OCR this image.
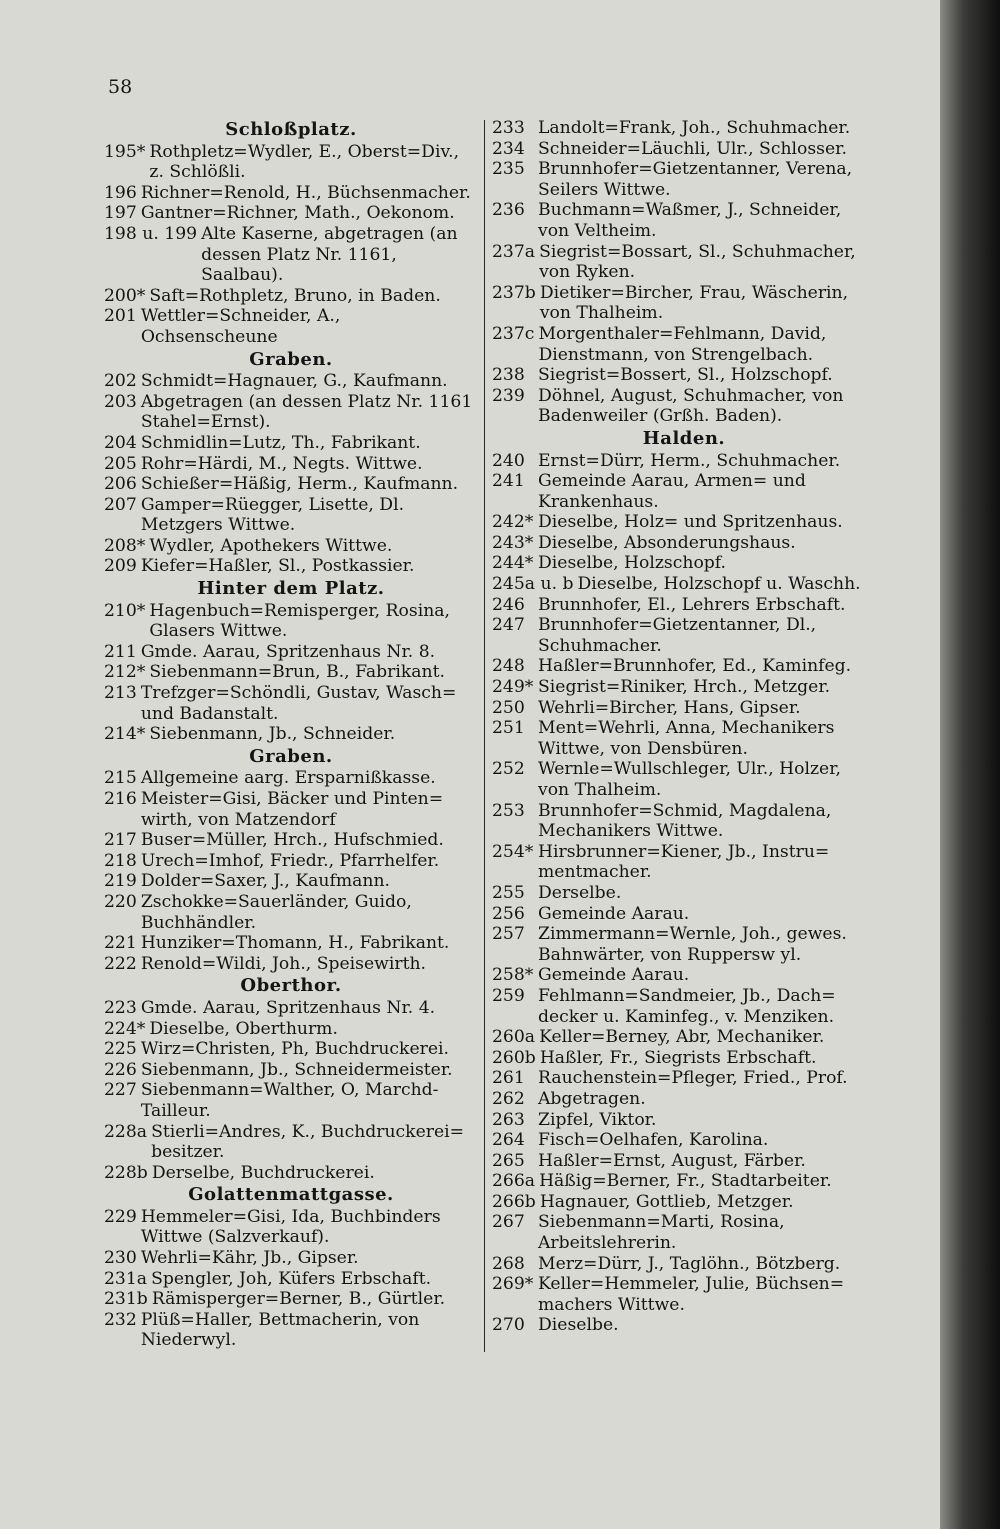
58
Schloßplatz.
195* Rothpletz=Wydler, E., Oberst=Div., z. Schlößli.
196 Richner=Renold, H., Büchsenmacher.
197 Gantner=Richner, Math., Oekonom.
198 u. 199 Alte Kaserne, abgetragen (an dessen Platz Nr. 1161, Saalbau).
200* Saft=Rothpletz, Bruno, in Baden.
201 Wettler=Schneider, A., Ochsenscheune
Graben.
202 Schmidt=Hagnauer, G., Kaufmann.
203 Abgetragen (an dessen Platz Nr. 1161 Stahel=Ernst).
204 Schmidlin=Lutz, Th., Fabrikant.
205 Rohr=Härdi, M., Negts. Wittwe.
206 Schießer=Häßig, Herm., Kaufmann.
207 Gamper=Rüegger, Lisette, Dl. Metzgers Wittwe.
208* Wydler, Apothekers Wittwe.
209 Kiefer=Haßler, Sl., Postkassier.
Hinter dem Platz.
210* Hagenbuch=Remisperger, Rosina, Glasers Wittwe.
211 Gmde. Aarau, Spritzenhaus Nr. 8.
212* Siebenmann=Brun, B., Fabrikant.
213 Trefzger=Schöndli, Gustav, Wasch= und Badanstalt.
214* Siebenmann, Jb., Schneider.
Graben.
215 Allgemeine aarg. Ersparnißkasse.
216 Meister=Gisi, Bäcker und Pinten= wirth, von Matzendorf
217 Buser=Müller, Hrch., Hufschmied.
218 Urech=Imhof, Friedr., Pfarrhelfer.
219 Dolder=Saxer, J., Kaufmann.
220 Zschokke=Sauerländer, Guido, Buchhändler.
221 Hunziker=Thomann, H., Fabrikant.
222 Renold=Wildi, Joh., Speisewirth.
Oberthor.
223 Gmde. Aarau, Spritzenhaus Nr. 4.
224* Dieselbe, Oberthurm.
225 Wirz=Christen, Ph, Buchdruckerei.
226 Siebenmann, Jb., Schneidermeister.
227 Siebenmann=Walther, O, Marchd-Tailleur.
228a Stierli=Andres, K., Buchdruckerei= besitzer.
228b Derselbe, Buchdruckerei.
Golattenmattgasse.
229 Hemmeler=Gisi, Ida, Buchbinders Wittwe (Salzverkauf).
230 Wehrli=Kähr, Jb., Gipser.
231a Spengler, Joh, Küfers Erbschaft.
231b Rämisperger=Berner, B., Gürtler.
232 Plüß=Haller, Bettmacherin, von Niederwyl.
233 Landolt=Frank, Joh., Schuhmacher.
234 Schneider=Läuchli, Ulr., Schlosser.
235 Brunnhofer=Gietzentanner, Verena, Seilers Wittwe.
236 Buchmann=Waßmer, J., Schneider, von Veltheim.
237a Siegrist=Bossart, Sl., Schuhmacher, von Ryken.
237b Dietiker=Bircher, Frau, Wäscherin, von Thalheim.
237c Morgenthaler=Fehlmann, David, Dienstmann, von Strengelbach.
238 Siegrist=Bossert, Sl., Holzschopf.
239 Döhnel, August, Schuhmacher, von Badenweiler (Grßh. Baden).
Halden.
240 Ernst=Dürr, Herm., Schuhmacher.
241 Gemeinde Aarau, Armen= und Krankenhaus.
242* Dieselbe, Holz= und Spritzenhaus.
243* Dieselbe, Absonderungshaus.
244* Dieselbe, Holzschopf.
245a u. b Dieselbe, Holzschopf u. Waschh.
246 Brunnhofer, El., Lehrers Erbschaft.
247 Brunnhofer=Gietzentanner, Dl., Schuhmacher.
248 Haßler=Brunnhofer, Ed., Kaminfeg.
249* Siegrist=Riniker, Hrch., Metzger.
250 Wehrli=Bircher, Hans, Gipser.
251 Ment=Wehrli, Anna, Mechanikers Wittwe, von Densbüren.
252 Wernle=Wullschleger, Ulr., Holzer, von Thalheim.
253 Brunnhofer=Schmid, Magdalena, Mechanikers Wittwe.
254* Hirsbrunner=Kiener, Jb., Instru= mentmacher.
255 Derselbe.
256 Gemeinde Aarau.
257 Zimmermann=Wernle, Joh., gewes. Bahnwärter, von Ruppersw yl.
258* Gemeinde Aarau.
259 Fehlmann=Sandmeier, Jb., Dach= decker u. Kaminfeg., v. Menziken.
260a Keller=Berney, Abr, Mechaniker.
260b Haßler, Fr., Siegrists Erbschaft.
261 Rauchenstein=Pfleger, Fried., Prof.
262 Abgetragen.
263 Zipfel, Viktor.
264 Fisch=Oelhafen, Karolina.
265 Haßler=Ernst, August, Färber.
266a Häßig=Berner, Fr., Stadtarbeiter.
266b Hagnauer, Gottlieb, Metzger.
267 Siebenmann=Marti, Rosina, Arbeitslehrerin.
268 Merz=Dürr, J., Taglöhn., Bötzberg.
269* Keller=Hemmeler, Julie, Büchsen= machers Wittwe.
270 Dieselbe.
